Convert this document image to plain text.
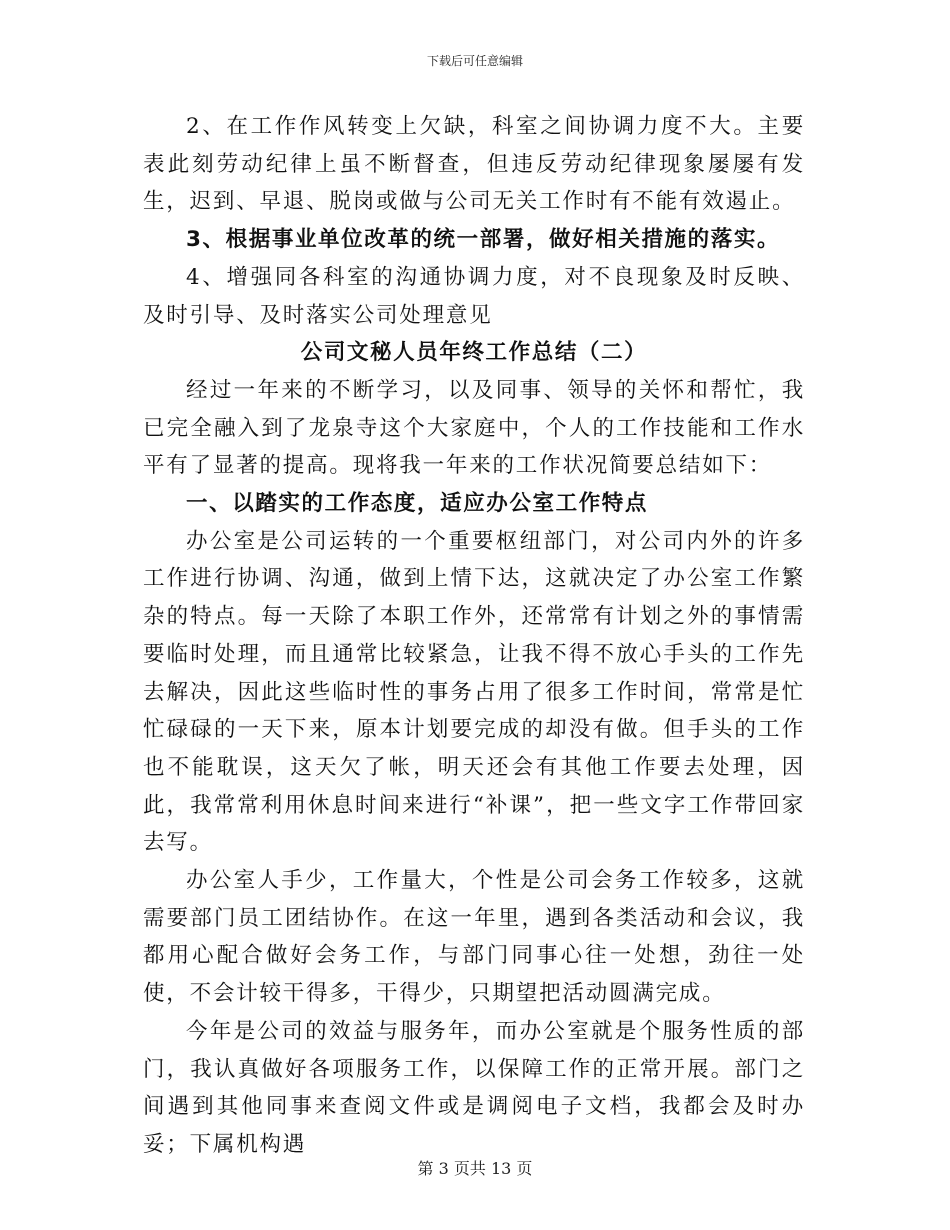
下载后可任意编辑

2、在工作作风转变上欠缺，科室之间协调力度不大。主要表此刻劳动纪律上虽不断督查，但违反劳动纪律现象屡屡有发生，迟到、早退、脱岗或做与公司无关工作时有不能有效遏止。

3、根据事业单位改革的统一部署，做好相关措施的落实。

4、增强同各科室的沟通协调力度，对不良现象及时反映、及时引导、及时落实公司处理意见

公司文秘人员年终工作总结（二）

经过一年来的不断学习，以及同事、领导的关怀和帮忙，我已完全融入到了龙泉寺这个大家庭中，个人的工作技能和工作水平有了显著的提高。现将我一年来的工作状况简要总结如下：

一、以踏实的工作态度，适应办公室工作特点

办公室是公司运转的一个重要枢纽部门，对公司内外的许多工作进行协调、沟通，做到上情下达，这就决定了办公室工作繁杂的特点。每一天除了本职工作外，还常常有计划之外的事情需要临时处理，而且通常比较紧急，让我不得不放心手头的工作先去解决，因此这些临时性的事务占用了很多工作时间，常常是忙忙碌碌的一天下来，原本计划要完成的却没有做。但手头的工作也不能耽误，这天欠了帐，明天还会有其他工作要去处理，因此，我常常利用休息时间来进行“补课”，把一些文字工作带回家去写。

办公室人手少，工作量大，个性是公司会务工作较多，这就需要部门员工团结协作。在这一年里，遇到各类活动和会议，我都用心配合做好会务工作，与部门同事心往一处想，劲往一处使，不会计较干得多，干得少，只期望把活动圆满完成。

今年是公司的效益与服务年，而办公室就是个服务性质的部门，我认真做好各项服务工作，以保障工作的正常开展。部门之间遇到其他同事来查阅文件或是调阅电子文档，我都会及时办妥；下属机构遇

第 3 页共 13 页
